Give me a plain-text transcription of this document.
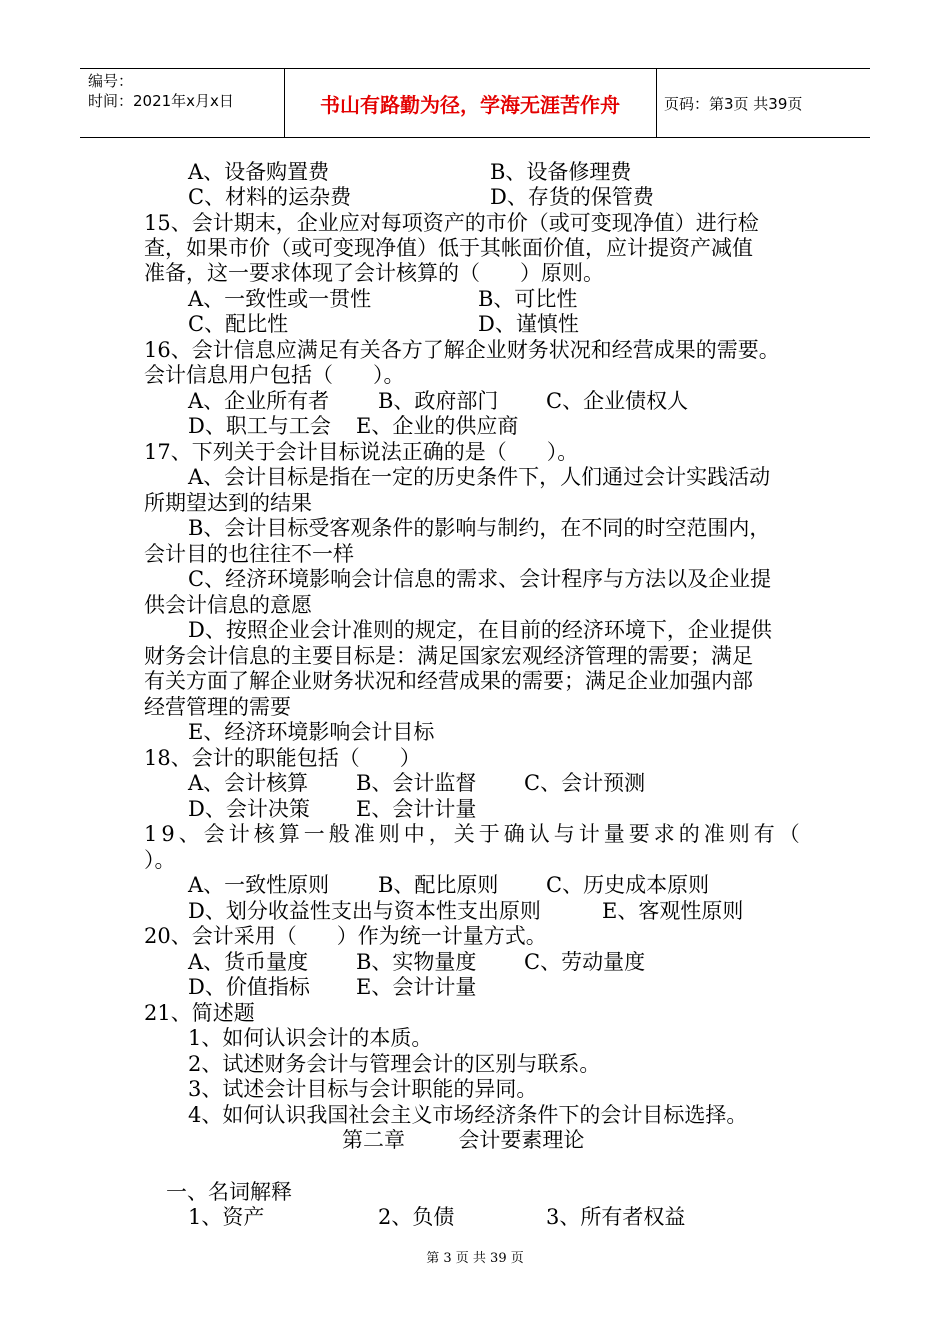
编号：
时间：2021年x月x日	书山有路勤为径，学海无涯苦作舟	页码：第3页 共39页
A、设备购置费	B、设备修理费
C、材料的运杂费	D、存货的保管费
15、会计期末，企业应对每项资产的市价（或可变现净值）进行检
查，如果市价（或可变现净值）低于其帐面价值，应计提资产减值
准备，这一要求体现了会计核算的（      ）原则。
A、一致性或一贯性	B、可比性
C、配比性	D、谨慎性
16、会计信息应满足有关各方了解企业财务状况和经营成果的需要。
会计信息用户包括（      ）。
A、企业所有者 B、政府部门 C、企业债权人
D、职工与工会 E、企业的供应商
17、下列关于会计目标说法正确的是（      ）。
A、会计目标是指在一定的历史条件下，人们通过会计实践活动
所期望达到的结果
B、会计目标受客观条件的影响与制约，在不同的时空范围内，
会计目的也往往不一样
C、经济环境影响会计信息的需求、会计程序与方法以及企业提
供会计信息的意愿
D、按照企业会计准则的规定，在目前的经济环境下，企业提供
财务会计信息的主要目标是：满足国家宏观经济管理的需要；满足
有关方面了解企业财务状况和经营成果的需要；满足企业加强内部
经营管理的需要
E、经济环境影响会计目标
18、会计的职能包括（      ）
A、会计核算 B、会计监督 C、会计预测
D、会计决策 E、会计计量
19、会计核算一般准则中，关于确认与计量要求的准则有（
）。
A、一致性原则 B、配比原则 C、历史成本原则
D、划分收益性支出与资本性支出原则	E、客观性原则
20、会计采用（      ）作为统一计量方式。
A、货币量度 B、实物量度 C、劳动量度
D、价值指标 E、会计计量
21、简述题
1、如何认识会计的本质。
2、试述财务会计与管理会计的区别与联系。
3、试述会计目标与会计职能的异同。
4、如何认识我国社会主义市场经济条件下的会计目标选择。
第二章        会计要素理论
一、名词解释
1、资产	2、负债	3、所有者权益
第 3 页 共 39 页
